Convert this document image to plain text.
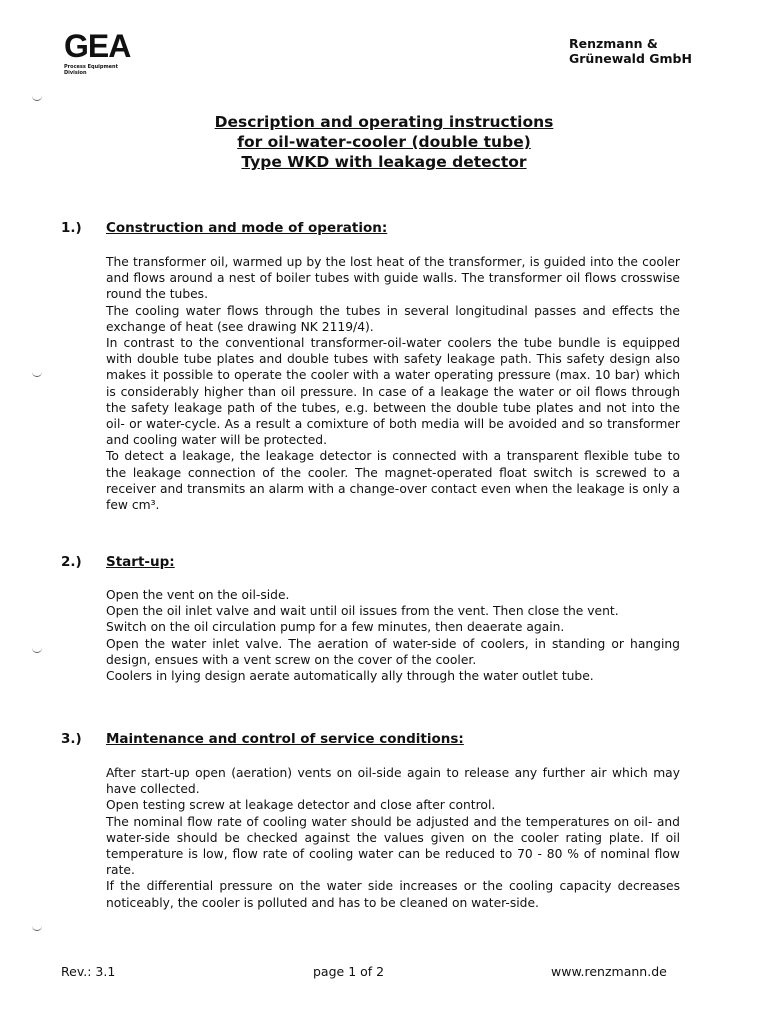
GEA
Process Equipment
Division
Renzmann &
Grünewald GmbH
Description and operating instructions
for oil-water-cooler (double tube)
Type WKD with leakage detector
1.) Construction and mode of operation:

The transformer oil, warmed up by the lost heat of the transformer, is guided into the cooler and flows around a nest of boiler tubes with guide walls. The transformer oil flows crosswise round the tubes.

The cooling water flows through the tubes in several longitudinal passes and effects the exchange of heat (see drawing NK 2119/4).

In contrast to the conventional transformer-oil-water coolers the tube bundle is equipped with double tube plates and double tubes with safety leakage path. This safety design also makes it possible to operate the cooler with a water operating pressure (max. 10 bar) which is considerably higher than oil pressure. In case of a leakage the water or oil flows through the safety leakage path of the tubes, e.g. between the double tube plates and not into the oil- or water-cycle. As a result a comixture of both media will be avoided and so transformer and cooling water will be protected.

To detect a leakage, the leakage detector is connected with a transparent flexible tube to the leakage connection of the cooler. The magnet-operated float switch is screwed to a receiver and transmits an alarm with a change-over contact even when the leakage is only a few cm³.

2.) Start-up:

Open the vent on the oil-side.

Open the oil inlet valve and wait until oil issues from the vent. Then close the vent.

Switch on the oil circulation pump for a few minutes, then deaerate again.

Open the water inlet valve. The aeration of water-side of coolers, in standing or hanging design, ensues with a vent screw on the cover of the cooler.

Coolers in lying design aerate automatically ally through the water outlet tube.

3.) Maintenance and control of service conditions:

After start-up open (aeration) vents on oil-side again to release any further air which may have collected.

Open testing screw at leakage detector and close after control.

The nominal flow rate of cooling water should be adjusted and the temperatures on oil- and water-side should be checked against the values given on the cooler rating plate. If oil temperature is low, flow rate of cooling water can be reduced to 70 - 80 % of nominal flow rate.

If the differential pressure on the water side increases or the cooling capacity decreases noticeably, the cooler is polluted and has to be cleaned on water-side.

Rev.: 3.1	page 1 of 2	www.renzmann.de
